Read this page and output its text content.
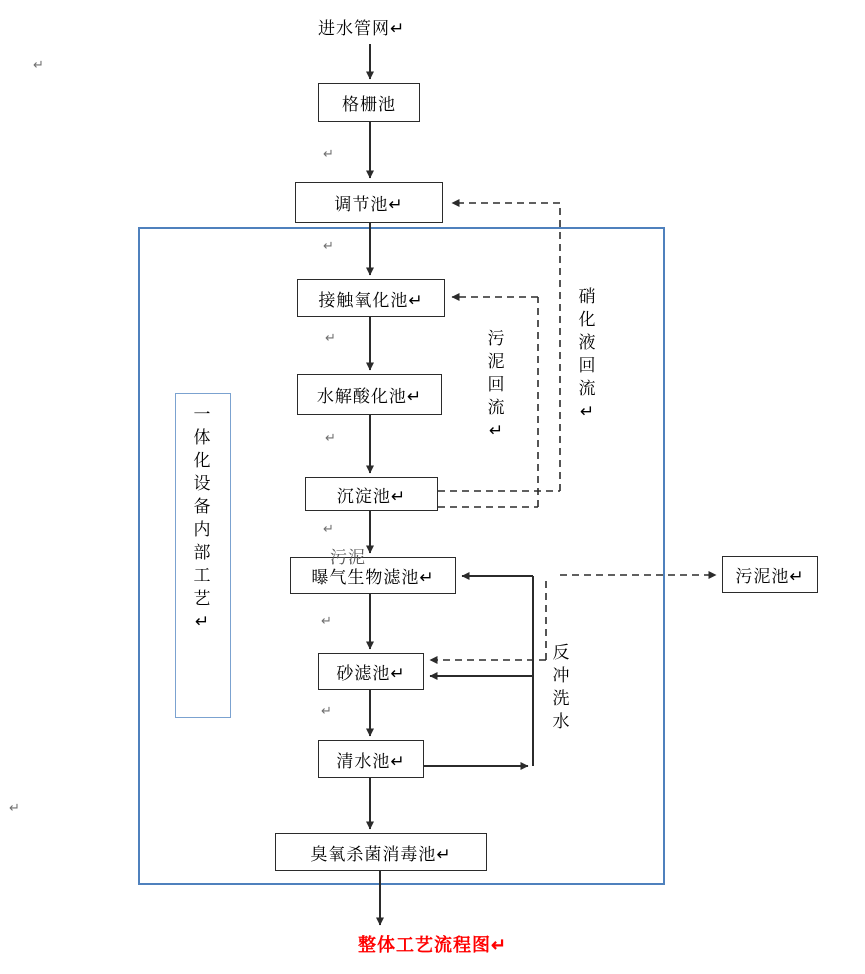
一体化设备内部工艺↵
进水管网↵
格栅池
调节池↵
接触氧化池↵
水解酸化池↵
沉淀池↵
曝气生物滤池↵
砂滤池↵
清水池↵
臭氧杀菌消毒池↵
污泥池↵
污泥回流↵
硝化液回流↵
反冲洗水
污泥
↵
↵
↵
↵
↵
↵
↵
↵
↵
整体工艺流程图↵
